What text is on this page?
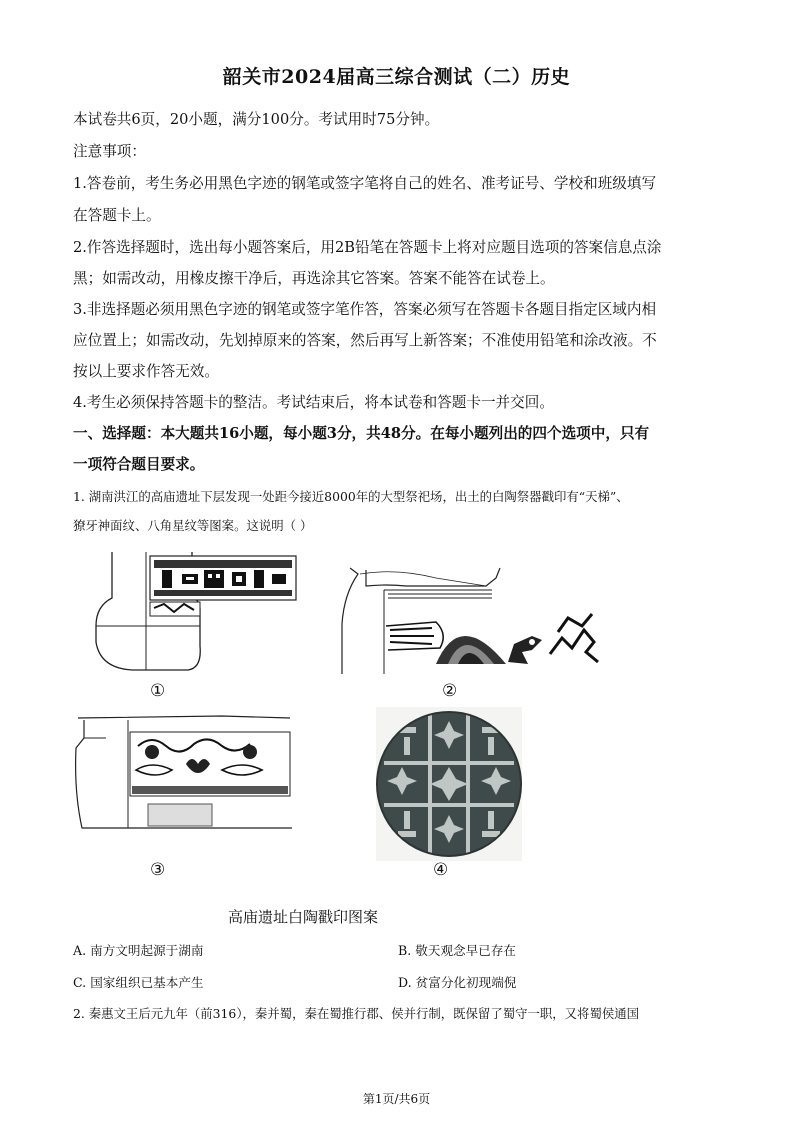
韶关市2024届高三综合测试（二）历史
本试卷共6页，20小题，满分100分。考试用时75分钟。
注意事项：
1.答卷前，考生务必用黑色字迹的钢笔或签字笔将自己的姓名、准考证号、学校和班级填写
在答题卡上。
2.作答选择题时，选出每小题答案后，用2B铅笔在答题卡上将对应题目选项的答案信息点涂
黑；如需改动，用橡皮擦干净后，再选涂其它答案。答案不能答在试卷上。
3.非选择题必须用黑色字迹的钢笔或签字笔作答，答案必须写在答题卡各题目指定区域内相
应位置上；如需改动，先划掉原来的答案，然后再写上新答案；不准使用铅笔和涂改液。不
按以上要求作答无效。
4.考生必须保持答题卡的整洁。考试结束后，将本试卷和答题卡一并交回。
一、选择题：本大题共16小题，每小题3分，共48分。在每小题列出的四个选项中，只有
一项符合题目要求。
1. 湖南洪江的高庙遗址下层发现一处距今接近8000年的大型祭祀场，出土的白陶祭器戳印有“天梯”、
獠牙神面纹、八角星纹等图案。这说明（ ）
①	②
③	④
高庙遗址白陶戳印图案
A. 南方文明起源于湖南	B. 敬天观念早已存在
C. 国家组织已基本产生	D. 贫富分化初现端倪
2. 秦惠文王后元九年（前316），秦并蜀，秦在蜀推行郡、侯并行制，既保留了蜀守一职，又将蜀侯通国
第1页/共6页
